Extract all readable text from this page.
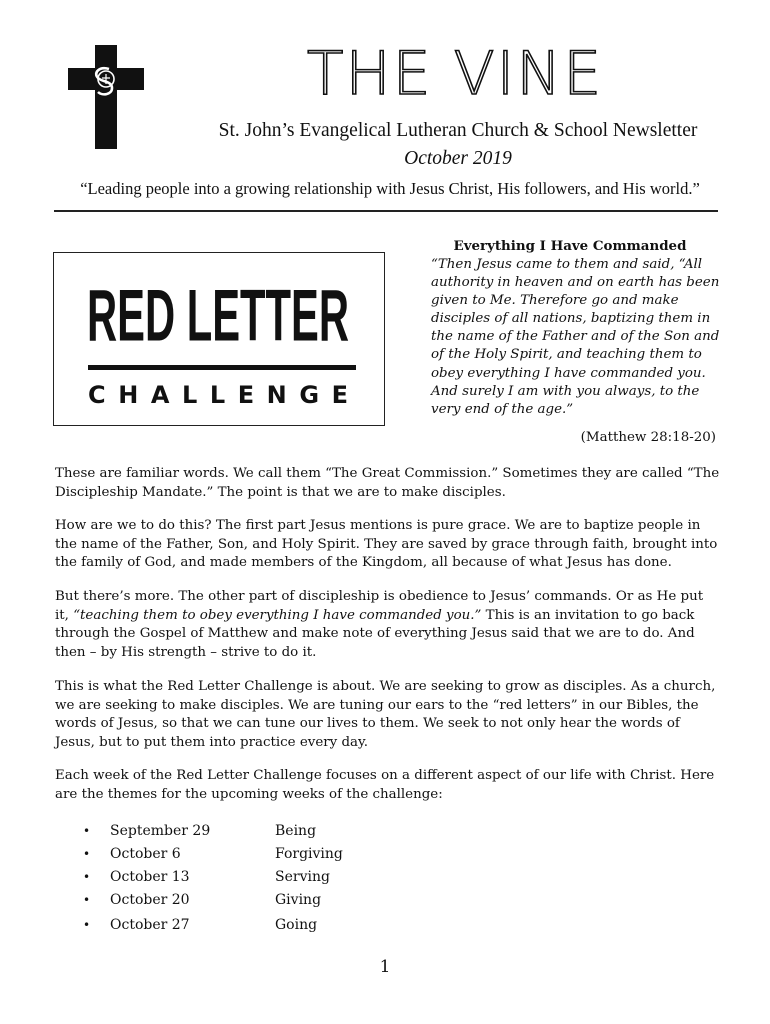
THE VINE
St. John’s Evangelical Lutheran Church & School Newsletter
October 2019
“Leading people into a growing relationship with Jesus Christ, His followers, and His world.”
RED LETTER
CHALLENGE
Everything I Have Commanded
“Then Jesus came to them and said, “All authority in heaven and on earth has been given to Me. Therefore go and make disciples of all nations, baptizing them in the name of the Father and of the Son and of the Holy Spirit, and teaching them to obey everything I have commanded you. And surely I am with you always, to the very end of the age.”
(Matthew 28:18-20)

These are familiar words. We call them “The Great Commission.” Sometimes they are called “The Discipleship Mandate.” The point is that we are to make disciples.

How are we to do this? The first part Jesus mentions is pure grace. We are to baptize people in the name of the Father, Son, and Holy Spirit. They are saved by grace through faith, brought into the family of God, and made members of the Kingdom, all because of what Jesus has done.

But there’s more. The other part of discipleship is obedience to Jesus’ commands. Or as He put it, “teaching them to obey everything I have commanded you.” This is an invitation to go back through the Gospel of Matthew and make note of everything Jesus said that we are to do. And then – by His strength – strive to do it.

This is what the Red Letter Challenge is about. We are seeking to grow as disciples. As a church, we are seeking to make disciples. We are tuning our ears to the “red letters” in our Bibles, the words of Jesus, so that we can tune our lives to them. We seek to not only hear the words of Jesus, but to put them into practice every day.

Each week of the Red Letter Challenge focuses on a different aspect of our life with Christ. Here are the themes for the upcoming weeks of the challenge:

• September 29	Being
• October 6	Forgiving
• October 13	Serving
• October 20	Giving
• October 27	Going
1
